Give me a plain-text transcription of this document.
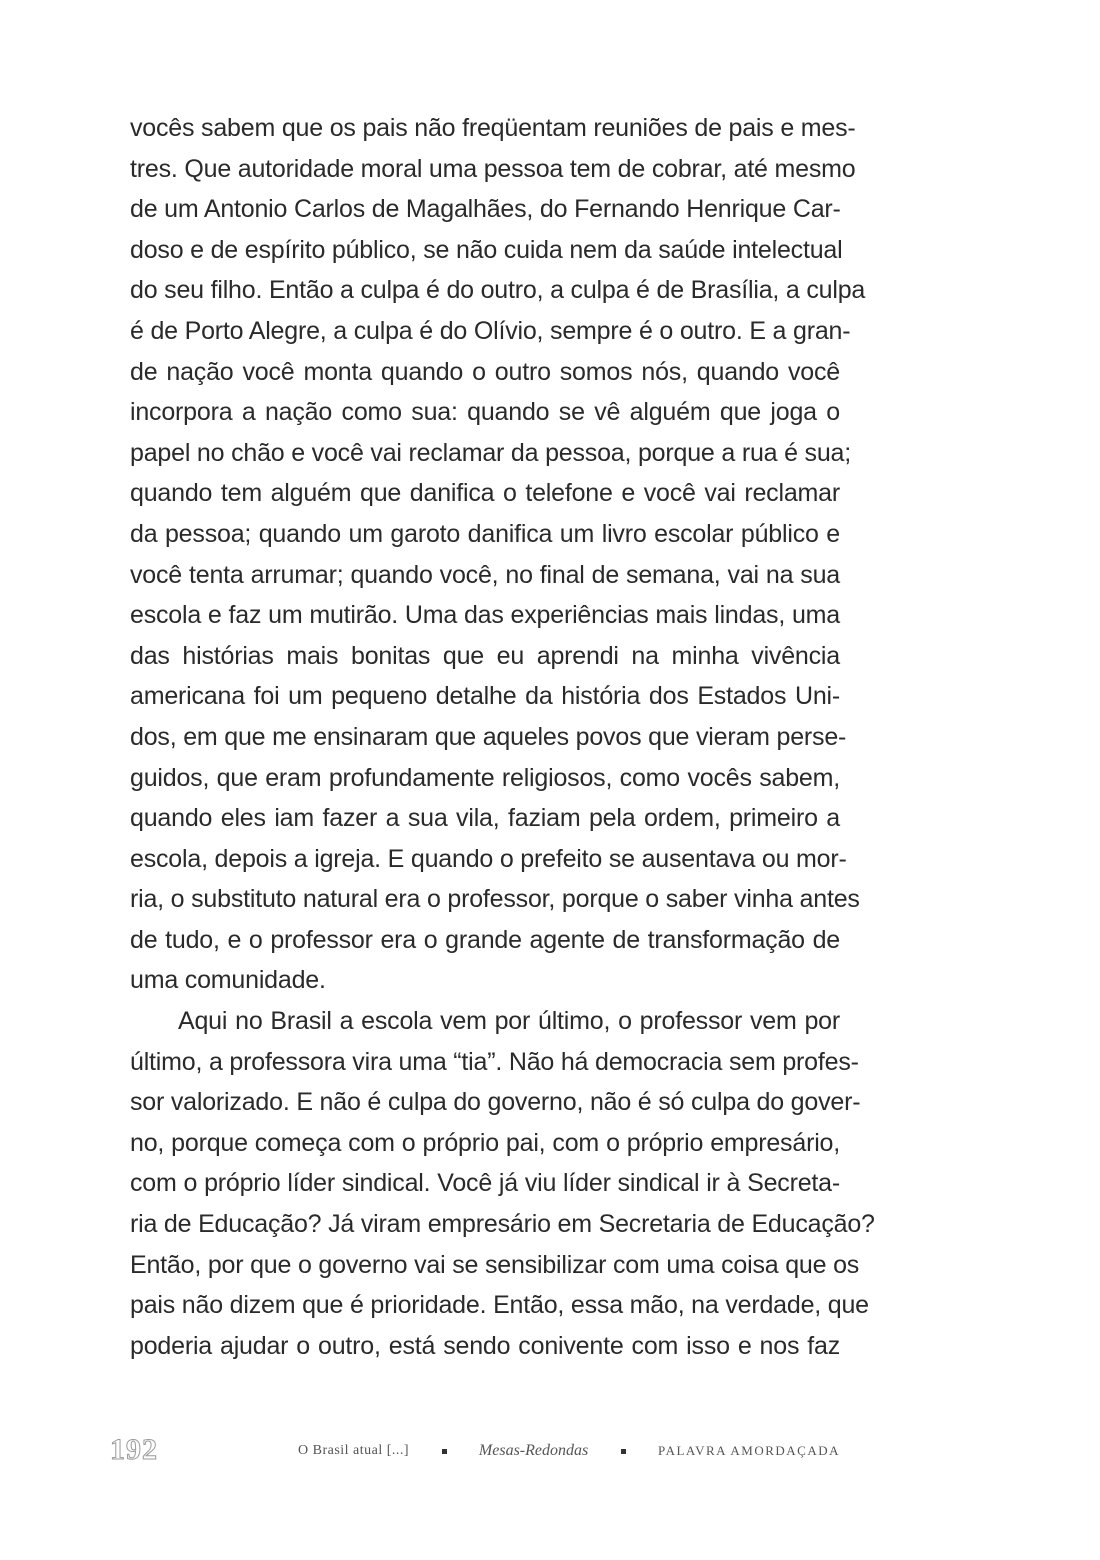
vocês sabem que os pais não freqüentam reuniões de pais e mes-
tres. Que autoridade moral uma pessoa tem de cobrar, até mesmo
de um Antonio Carlos de Magalhães, do Fernando Henrique Car-
doso e de espírito público, se não cuida nem da saúde intelectual
do seu filho. Então a culpa é do outro, a culpa é de Brasília, a culpa
é de Porto Alegre, a culpa é do Olívio, sempre é o outro. E a gran-
de nação você monta quando o outro somos nós, quando você
incorpora a nação como sua: quando se vê alguém que joga o
papel no chão e você vai reclamar da pessoa, porque a rua é sua;
quando tem alguém que danifica o telefone e você vai reclamar
da pessoa; quando um garoto danifica um livro escolar público e
você tenta arrumar; quando você, no final de semana, vai na sua
escola e faz um mutirão. Uma das experiências mais lindas, uma
das histórias mais bonitas que eu aprendi na minha vivência
americana foi um pequeno detalhe da história dos Estados Uni-
dos, em que me ensinaram que aqueles povos que vieram perse-
guidos, que eram profundamente religiosos, como vocês sabem,
quando eles iam fazer a sua vila, faziam pela ordem, primeiro a
escola, depois a igreja. E quando o prefeito se ausentava ou mor-
ria, o substituto natural era o professor, porque o saber vinha antes
de tudo, e o professor era o grande agente de transformação de
uma comunidade.
Aqui no Brasil a escola vem por último, o professor vem por
último, a professora vira uma “tia”. Não há democracia sem profes-
sor valorizado. E não é culpa do governo, não é só culpa do gover-
no, porque começa com o próprio pai, com o próprio empresário,
com o próprio líder sindical. Você já viu líder sindical ir à Secreta-
ria de Educação? Já viram empresário em Secretaria de Educação?
Então, por que o governo vai se sensibilizar com uma coisa que os
pais não dizem que é prioridade. Então, essa mão, na verdade, que
poderia ajudar o outro, está sendo conivente com isso e nos faz
192	O Brasil atual [...]	Mesas-Redondas	PALAVRA AMORDAÇADA
